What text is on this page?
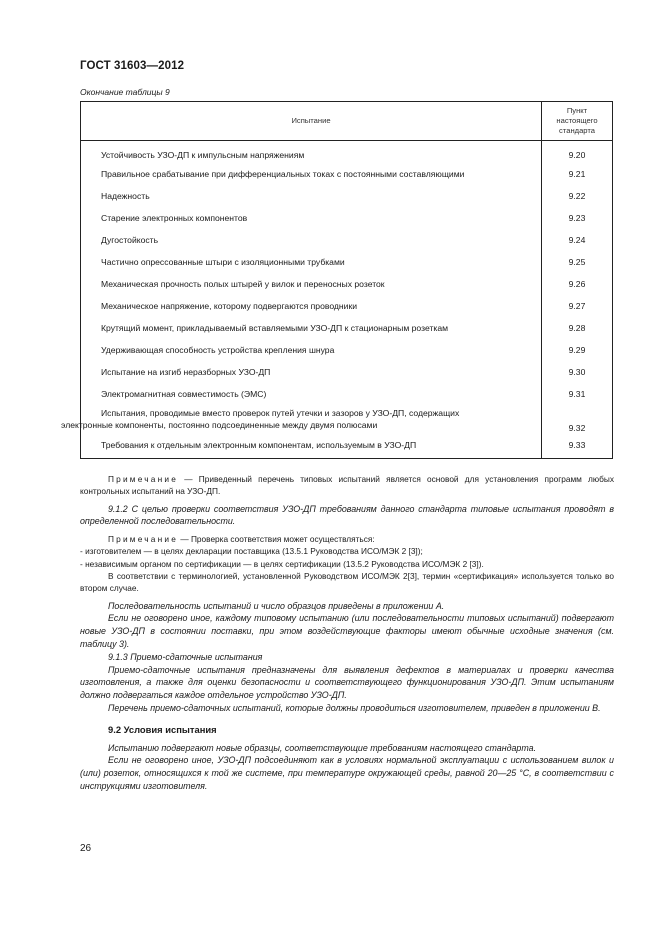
ГОСТ 31603—2012
Окончание таблицы 9
Испытание	Пункт
настоящего
стандарта
Устойчивость УЗО-ДП к импульсным напряжениям	9.20
Правильное срабатывание при дифференциальных токах с постоянными составляющими	9.21
Надежность	9.22
Старение электронных компонентов	9.23
Дугостойкость	9.24
Частично опрессованные штыри с изоляционными трубками	9.25
Механическая прочность полых штырей у вилок и переносных розеток	9.26
Механическое напряжение, которому подвергаются проводники	9.27
Крутящий момент, прикладываемый вставляемыми УЗО-ДП к стационарным розеткам	9.28
Удерживающая способность устройства крепления шнура	9.29
Испытание на изгиб неразборных УЗО-ДП	9.30
Электромагнитная совместимость (ЭМС)	9.31
Испытания, проводимые вместо проверок путей утечки и зазоров у УЗО-ДП, содержащих
электронные компоненты, постоянно подсоединенные между двумя полюсами	9.32
Требования к отдельным электронным компонентам, используемым в УЗО-ДП	9.33

Примечание — Приведенный перечень типовых испытаний является основой для установления программ любых контрольных испытаний на УЗО-ДП.

9.1.2 С целью проверки соответствия УЗО-ДП требованиям данного стандарта типовые испытания проводят в определенной последовательности.

Примечание — Проверка соответствия может осуществляться:

- изготовителем — в целях декларации поставщика (13.5.1 Руководства ИСО/МЭК 2 [3]);

- независимым органом по сертификации — в целях сертификации (13.5.2 Руководства ИСО/МЭК 2 [3]).

В соответствии с терминологией, установленной Руководством ИСО/МЭК 2[3], термин «сертификация» используется только во втором случае.

Последовательность испытаний и число образцов приведены в приложении А.

Если не оговорено иное, каждому типовому испытанию (или последовательности типовых испытаний) подвергают новые УЗО-ДП в состоянии поставки, при этом воздействующие факторы имеют обычные исходные значения (см. таблицу 3).

9.1.3 Приемо-сдаточные испытания

Приемо-сдаточные испытания предназначены для выявления дефектов в материалах и проверки качества изготовления, а также для оценки безопасности и соответствующего функционирования УЗО-ДП. Этим испытаниям должно подвергаться каждое отдельное устройство УЗО-ДП.

Перечень приемо-сдаточных испытаний, которые должны проводиться изготовителем, приведен в приложении B.

9.2 Условия испытания

Испытанию подвергают новые образцы, соответствующие требованиям настоящего стандарта.

Если не оговорено иное, УЗО-ДП подсоединяют как в условиях нормальной эксплуатации с использованием вилок и (или) розеток, относящихся к той же системе, при температуре окружающей среды, равной 20—25 °С, в соответствии с инструкциями изготовителя.

26
